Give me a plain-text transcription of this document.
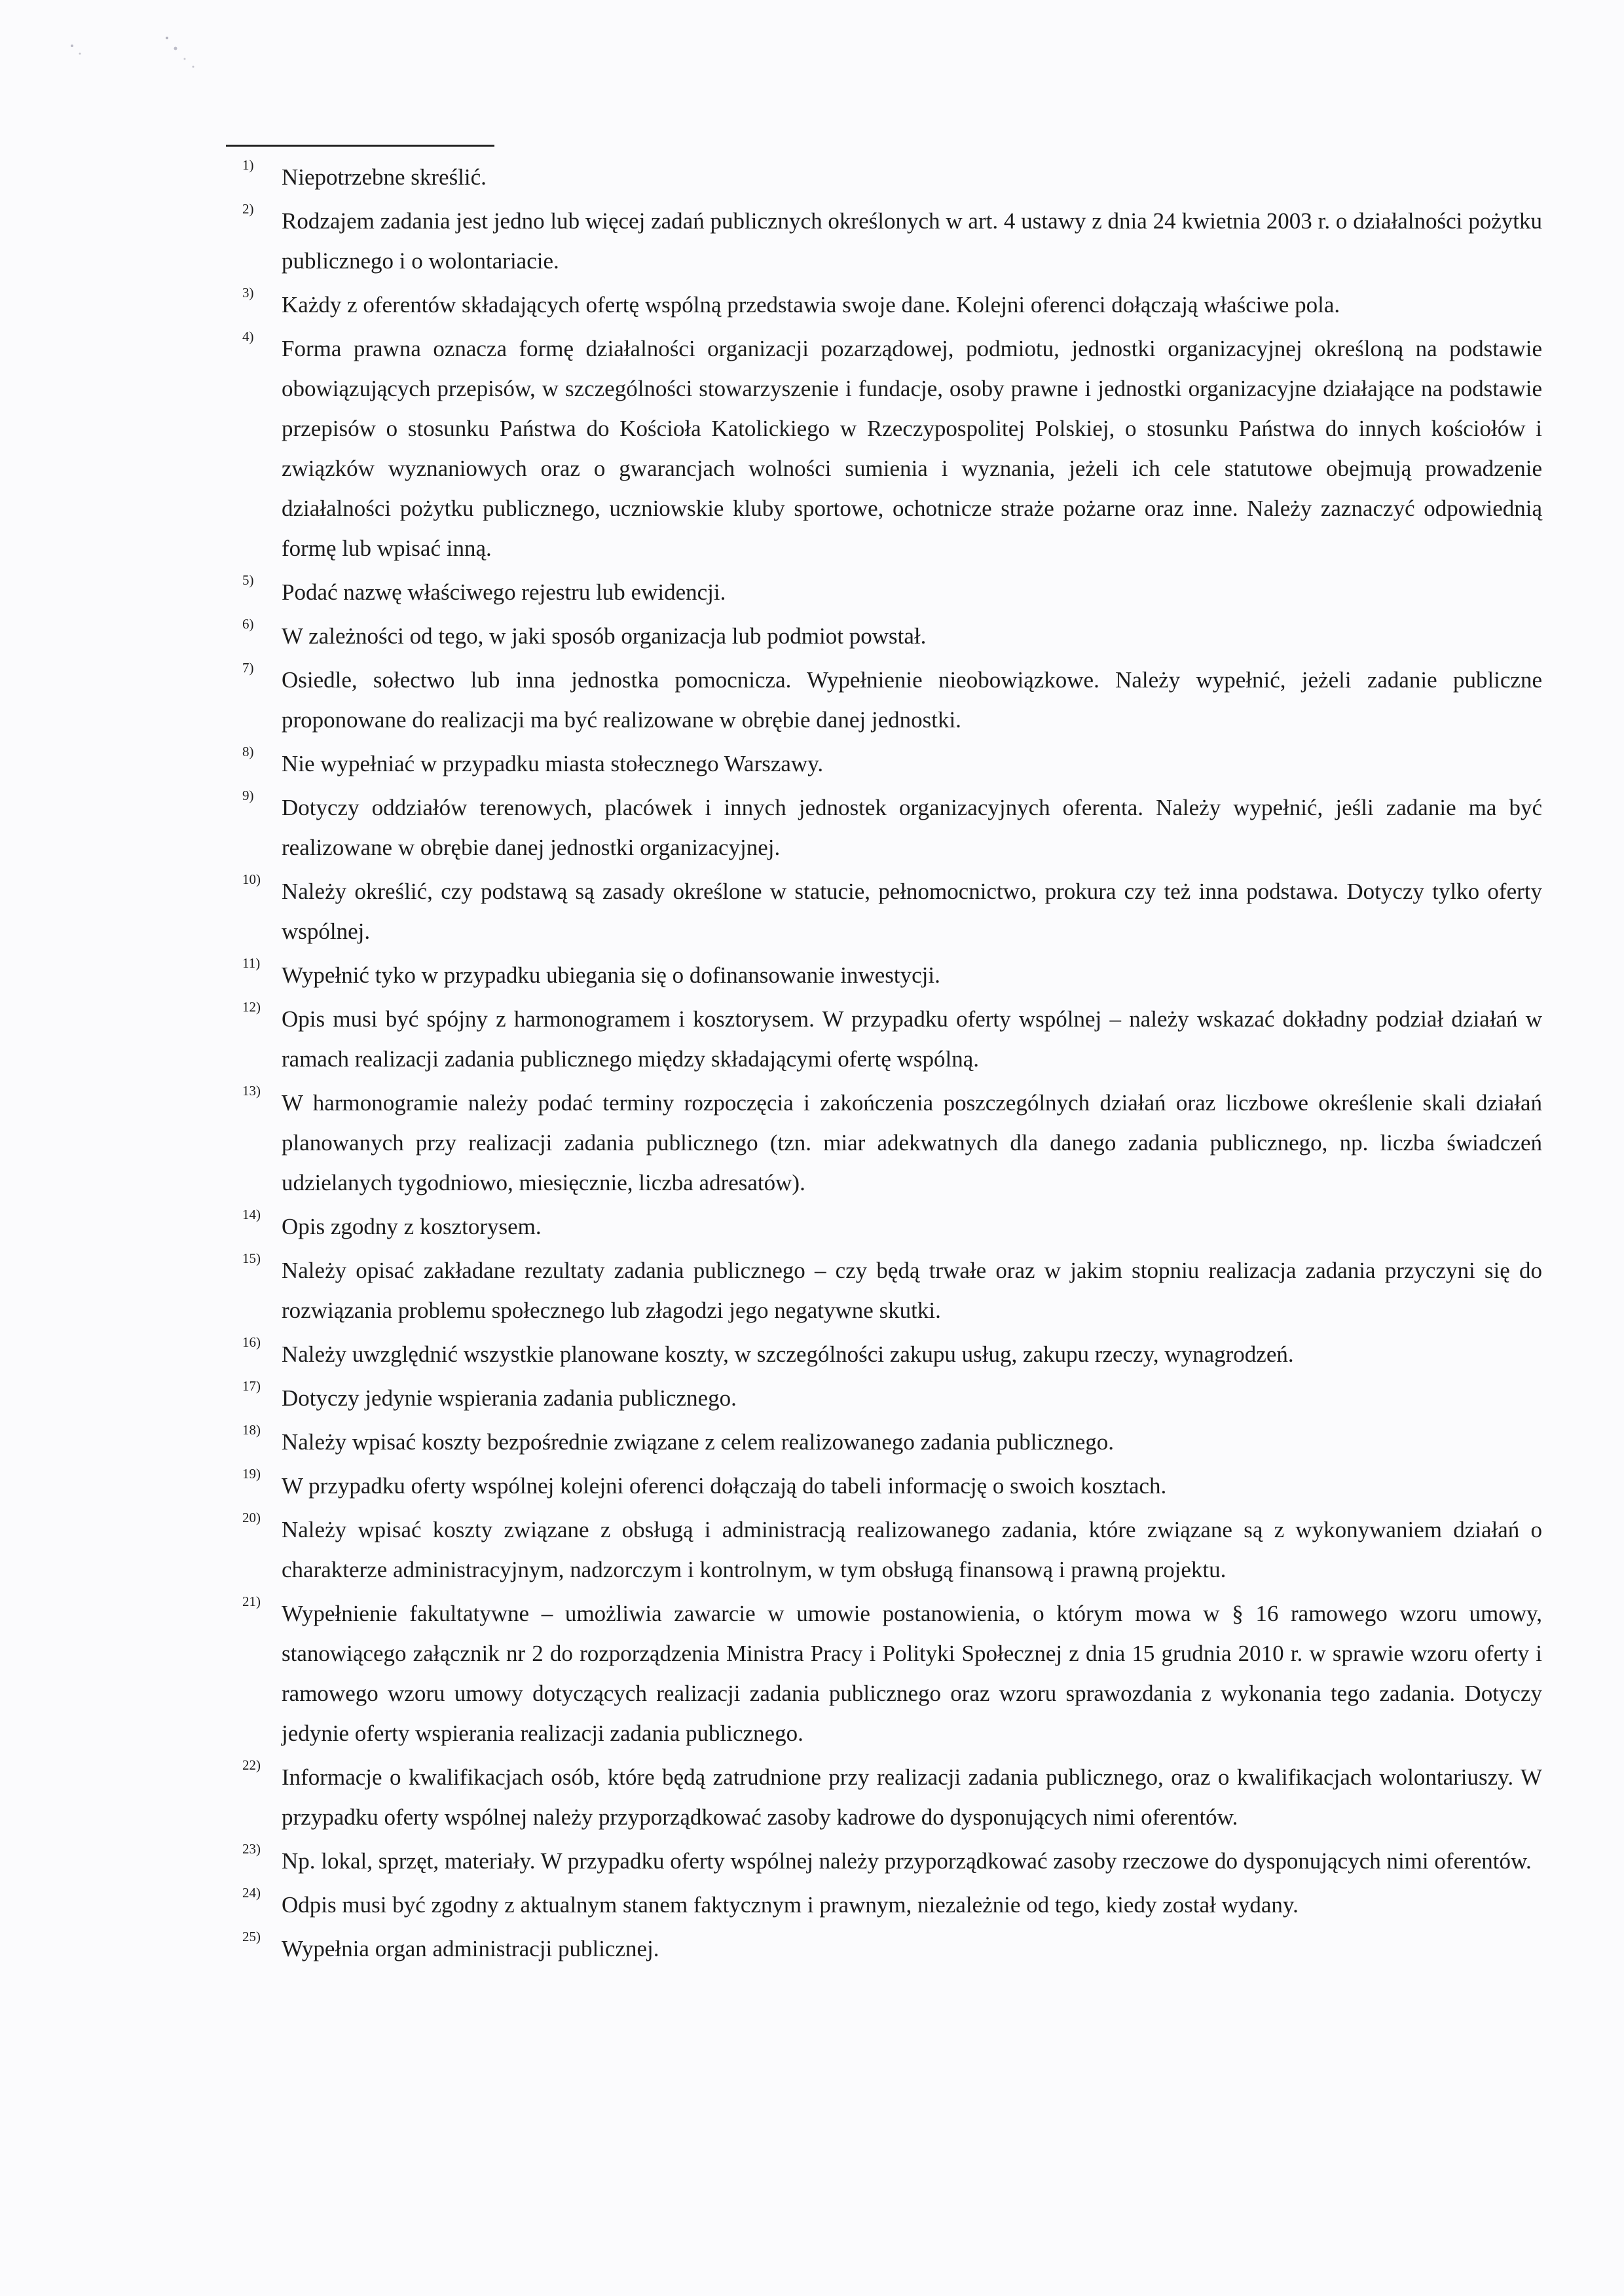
1) Niepotrzebne skreślić.
2) Rodzajem zadania jest jedno lub więcej zadań publicznych określonych w art. 4 ustawy z dnia 24 kwietnia 2003 r. o działalności pożytku publicznego i o wolontariacie.
3) Każdy z oferentów składających ofertę wspólną przedstawia swoje dane. Kolejni oferenci dołączają właściwe pola.
4) Forma prawna oznacza formę działalności organizacji pozarządowej, podmiotu, jednostki organizacyjnej określoną na podstawie obowiązujących przepisów, w szczególności stowarzyszenie i fundacje, osoby prawne i jednostki organizacyjne działające na podstawie przepisów o stosunku Państwa do Kościoła Katolickiego w Rzeczypospolitej Polskiej, o stosunku Państwa do innych kościołów i związków wyznaniowych oraz o gwarancjach wolności sumienia i wyznania, jeżeli ich cele statutowe obejmują prowadzenie działalności pożytku publicznego, uczniowskie kluby sportowe, ochotnicze straże pożarne oraz inne. Należy zaznaczyć odpowiednią formę lub wpisać inną.
5) Podać nazwę właściwego rejestru lub ewidencji.
6) W zależności od tego, w jaki sposób organizacja lub podmiot powstał.
7) Osiedle, sołectwo lub inna jednostka pomocnicza. Wypełnienie nieobowiązkowe. Należy wypełnić, jeżeli zadanie publiczne proponowane do realizacji ma być realizowane w obrębie danej jednostki.
8) Nie wypełniać w przypadku miasta stołecznego Warszawy.
9) Dotyczy oddziałów terenowych, placówek i innych jednostek organizacyjnych oferenta. Należy wypełnić, jeśli zadanie ma być realizowane w obrębie danej jednostki organizacyjnej.
10) Należy określić, czy podstawą są zasady określone w statucie, pełnomocnictwo, prokura czy też inna podstawa. Dotyczy tylko oferty wspólnej.
11) Wypełnić tyko w przypadku ubiegania się o dofinansowanie inwestycji.
12) Opis musi być spójny z harmonogramem i kosztorysem. W przypadku oferty wspólnej – należy wskazać dokładny podział działań w ramach realizacji zadania publicznego między składającymi ofertę wspólną.
13) W harmonogramie należy podać terminy rozpoczęcia i zakończenia poszczególnych działań oraz liczbowe określenie skali działań planowanych przy realizacji zadania publicznego (tzn. miar adekwatnych dla danego zadania publicznego, np. liczba świadczeń udzielanych tygodniowo, miesięcznie, liczba adresatów).
14) Opis zgodny z kosztorysem.
15) Należy opisać zakładane rezultaty zadania publicznego – czy będą trwałe oraz w jakim stopniu realizacja zadania przyczyni się do rozwiązania problemu społecznego lub złagodzi jego negatywne skutki.
16) Należy uwzględnić wszystkie planowane koszty, w szczególności zakupu usług, zakupu rzeczy, wynagrodzeń.
17) Dotyczy jedynie wspierania zadania publicznego.
18) Należy wpisać koszty bezpośrednie związane z celem realizowanego zadania publicznego.
19) W przypadku oferty wspólnej kolejni oferenci dołączają do tabeli informację o swoich kosztach.
20) Należy wpisać koszty związane z obsługą i administracją realizowanego zadania, które związane są z wykonywaniem działań o charakterze administracyjnym, nadzorczym i kontrolnym, w tym obsługą finansową i prawną projektu.
21) Wypełnienie fakultatywne – umożliwia zawarcie w umowie postanowienia, o którym mowa w § 16 ramowego wzoru umowy, stanowiącego załącznik nr 2 do rozporządzenia Ministra Pracy i Polityki Społecznej z dnia 15 grudnia 2010 r. w sprawie wzoru oferty i ramowego wzoru umowy dotyczących realizacji zadania publicznego oraz wzoru sprawozdania z wykonania tego zadania. Dotyczy jedynie oferty wspierania realizacji zadania publicznego.
22) Informacje o kwalifikacjach osób, które będą zatrudnione przy realizacji zadania publicznego, oraz o kwalifikacjach wolontariuszy. W przypadku oferty wspólnej należy przyporządkować zasoby kadrowe do dysponujących nimi oferentów.
23) Np. lokal, sprzęt, materiały. W przypadku oferty wspólnej należy przyporządkować zasoby rzeczowe do dysponujących nimi oferentów.
24) Odpis musi być zgodny z aktualnym stanem faktycznym i prawnym, niezależnie od tego, kiedy został wydany.
25) Wypełnia organ administracji publicznej.
